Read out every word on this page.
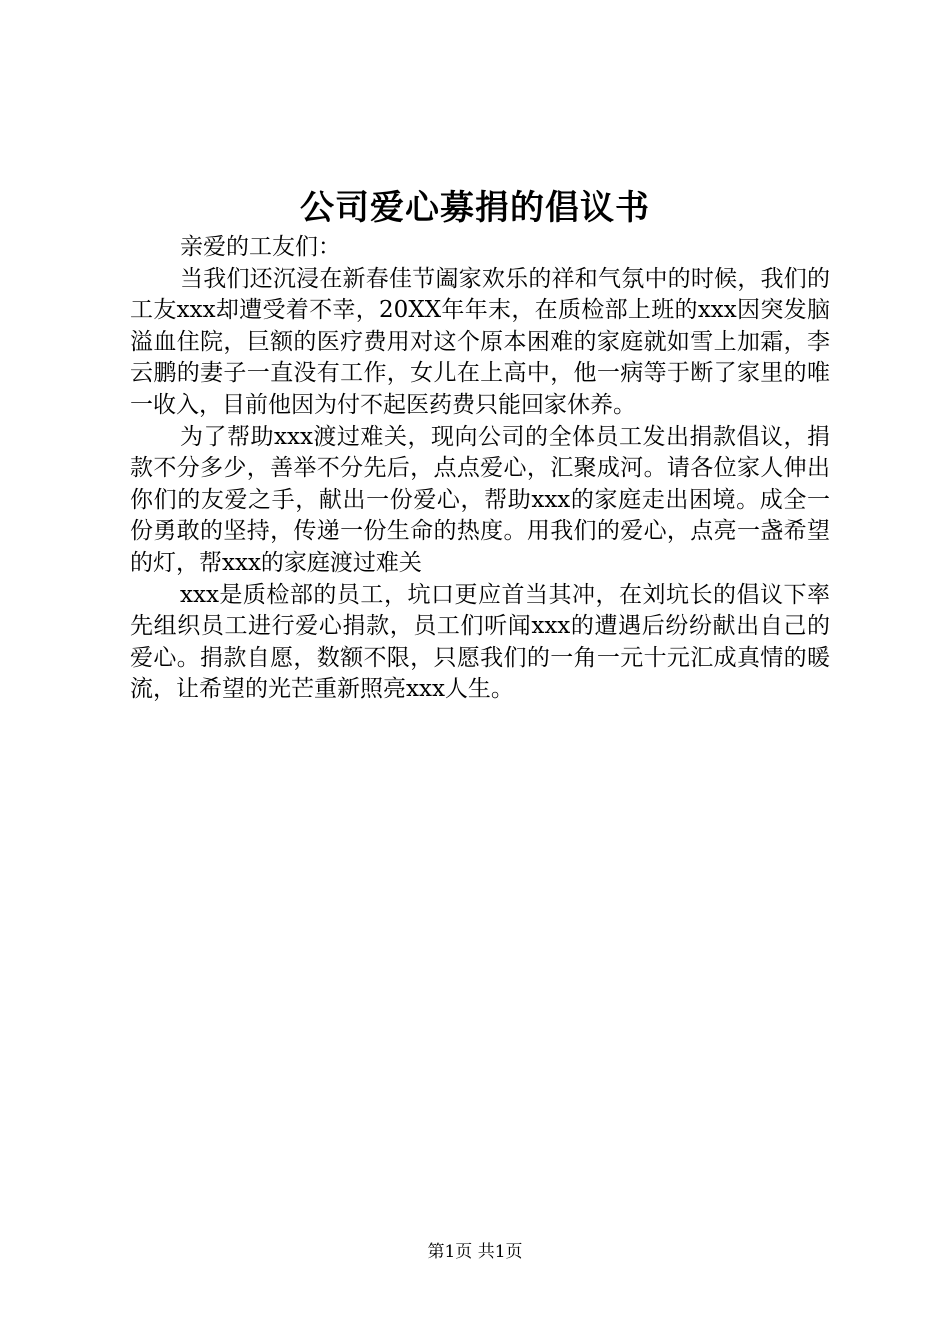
公司爱心募捐的倡议书

亲爱的工友们：

当我们还沉浸在新春佳节阖家欢乐的祥和气氛中的时候，我们的工友xxx却遭受着不幸，20XX年年末，在质检部上班的xxx因突发脑溢血住院，巨额的医疗费用对这个原本困难的家庭就如雪上加霜，李云鹏的妻子一直没有工作，女儿在上高中，他一病等于断了家里的唯一收入，目前他因为付不起医药费只能回家休养。

为了帮助xxx渡过难关，现向公司的全体员工发出捐款倡议，捐款不分多少，善举不分先后，点点爱心，汇聚成河。请各位家人伸出你们的友爱之手，献出一份爱心，帮助xxx的家庭走出困境。成全一份勇敢的坚持，传递一份生命的热度。用我们的爱心，点亮一盏希望的灯，帮xxx的家庭渡过难关

xxx是质检部的员工，坑口更应首当其冲，在刘坑长的倡议下率先组织员工进行爱心捐款，员工们听闻xxx的遭遇后纷纷献出自己的爱心。捐款自愿，数额不限，只愿我们的一角一元十元汇成真情的暖流，让希望的光芒重新照亮xxx人生。

第1页 共1页
